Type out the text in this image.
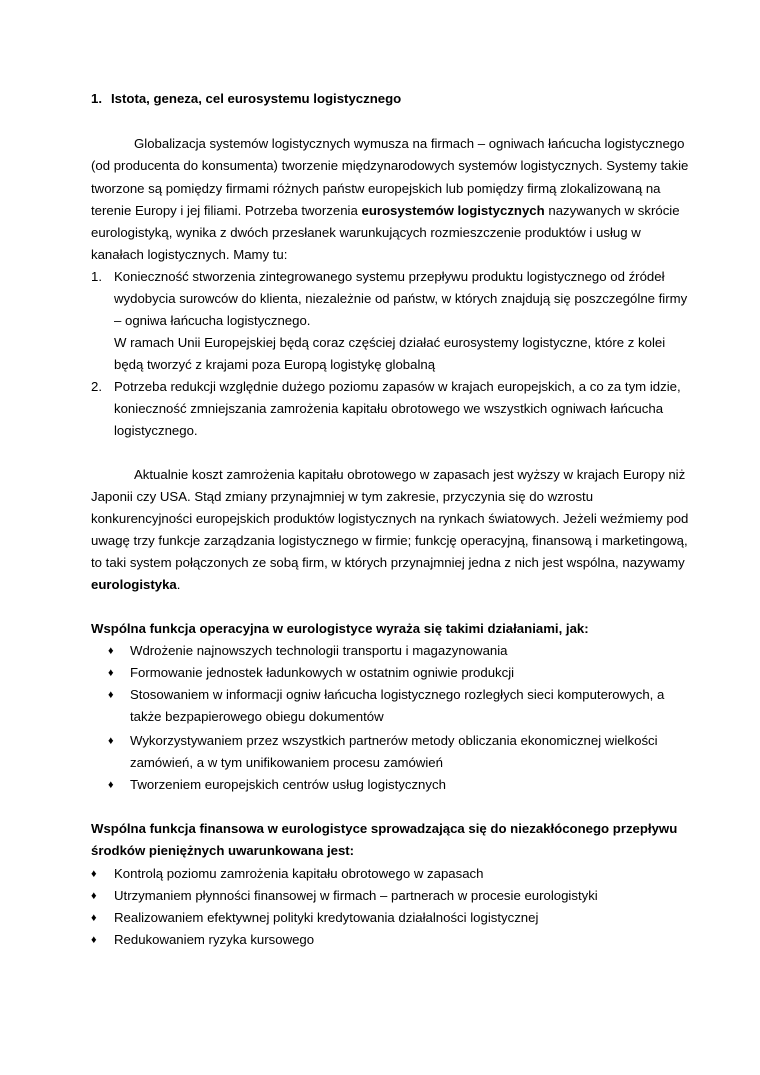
1. Istota, geneza, cel eurosystemu logistycznego
Globalizacja systemów logistycznych wymusza na firmach – ogniwach łańcucha logistycznego
(od producenta do konsumenta) tworzenie międzynarodowych systemów logistycznych. Systemy takie
tworzone są pomiędzy firmami różnych państw europejskich lub pomiędzy firmą zlokalizowaną na
terenie Europy i jej filiami. Potrzeba tworzenia eurosystemów logistycznych nazywanych w skrócie
eurologistyką, wynika z dwóch przesłanek warunkujących rozmieszczenie produktów i usług w
kanałach logistycznych. Mamy tu:
1. Konieczność stworzenia zintegrowanego systemu przepływu produktu logistycznego od źródeł
wydobycia surowców do klienta, niezależnie od państw, w których znajdują się poszczególne firmy
– ogniwa łańcucha logistycznego.
W ramach Unii Europejskiej będą coraz częściej działać eurosystemy logistyczne, które z kolei
będą tworzyć z krajami poza Europą logistykę globalną
2. Potrzeba redukcji względnie dużego poziomu zapasów w krajach europejskich, a co za tym idzie,
konieczność zmniejszania zamrożenia kapitału obrotowego we wszystkich ogniwach łańcucha
logistycznego.
Aktualnie koszt zamrożenia kapitału obrotowego w zapasach jest wyższy w krajach Europy niż
Japonii czy USA. Stąd zmiany przynajmniej w tym zakresie, przyczynia się do wzrostu
konkurencyjności europejskich produktów logistycznych na rynkach światowych. Jeżeli weźmiemy pod
uwagę trzy funkcje zarządzania logistycznego w firmie; funkcję operacyjną, finansową i marketingową,
to taki system połączonych ze sobą firm, w których przynajmniej jedna z nich jest wspólna, nazywamy
eurologistyka.
Wspólna funkcja operacyjna w eurologistyce wyraża się takimi działaniami, jak:
♦ Wdrożenie najnowszych technologii transportu i magazynowania
♦ Formowanie jednostek ładunkowych w ostatnim ogniwie produkcji
♦ Stosowaniem w informacji ogniw łańcucha logistycznego rozległych sieci komputerowych, a
także bezpapierowego obiegu dokumentów
♦ Wykorzystywaniem przez wszystkich partnerów metody obliczania ekonomicznej wielkości
zamówień, a w tym unifikowaniem procesu zamówień
♦ Tworzeniem europejskich centrów usług logistycznych
Wspólna funkcja finansowa w eurologistyce sprowadzająca się do niezakłóconego przepływu
środków pieniężnych uwarunkowana jest:
♦ Kontrolą poziomu zamrożenia kapitału obrotowego w zapasach
♦ Utrzymaniem płynności finansowej w firmach – partnerach w procesie eurologistyki
♦ Realizowaniem efektywnej polityki kredytowania działalności logistycznej
♦ Redukowaniem ryzyka kursowego
